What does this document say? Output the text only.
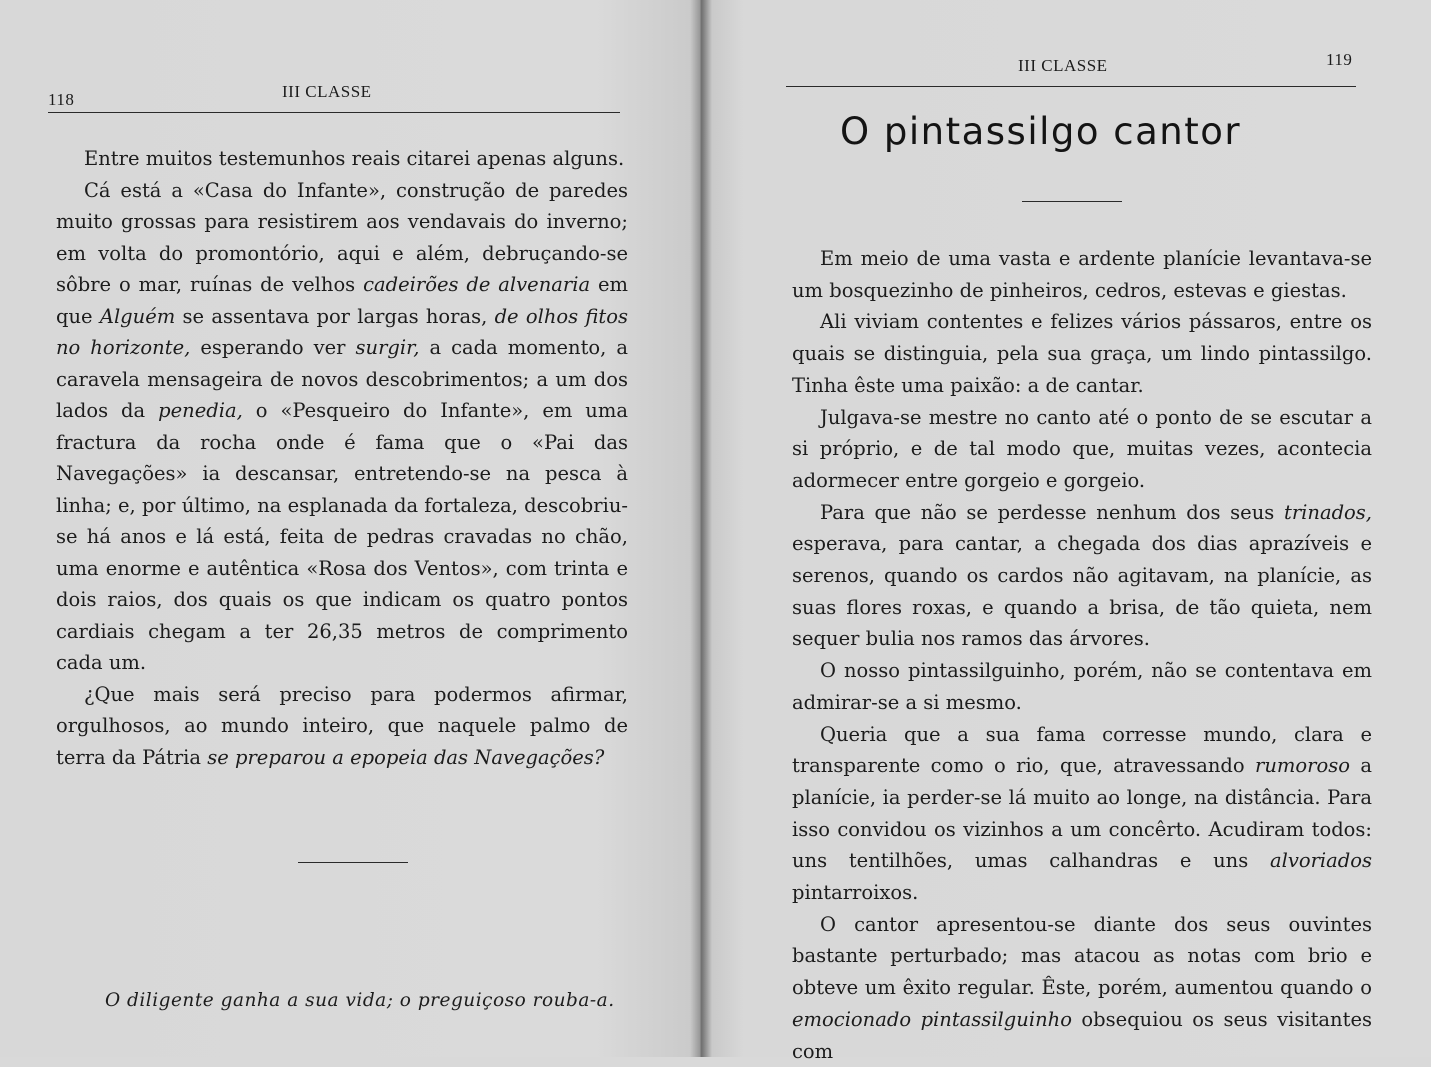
118	III CLASSE

Entre muitos testemunhos reais citarei apenas alguns.

Cá está a «Casa do Infante», construção de paredes muito grossas para resistirem aos vendavais do inverno; em volta do promontório, aqui e além, debruçando-se sôbre o mar, ruínas de velhos cadeirões de alvenaria em que Alguém se assentava por largas horas, de olhos fitos no horizonte, esperando ver surgir, a cada momento, a caravela mensageira de novos descobrimentos; a um dos lados da penedia, o «Pesqueiro do Infante», em uma fractura da rocha onde é fama que o «Pai das Navegações» ia descansar, entretendo-se na pesca à linha; e, por último, na esplanada da fortaleza, descobriu-se há anos e lá está, feita de pedras cravadas no chão, uma enorme e autêntica «Rosa dos Ventos», com trinta e dois raios, dos quais os que indicam os quatro pontos cardiais chegam a ter 26,35 metros de comprimento cada um.

¿Que mais será preciso para podermos afirmar, orgulhosos, ao mundo inteiro, que naquele palmo de terra da Pátria se preparou a epopeia das Navegações?

O diligente ganha a sua vida; o preguiçoso rouba-a.
III CLASSE	119
O pintassilgo cantor

Em meio de uma vasta e ardente planície levantava-se um bosquezinho de pinheiros, cedros, estevas e giestas.

Ali viviam contentes e felizes vários pássaros, entre os quais se distinguia, pela sua graça, um lindo pintassilgo. Tinha êste uma paixão: a de cantar.

Julgava-se mestre no canto até o ponto de se escutar a si próprio, e de tal modo que, muitas vezes, acontecia adormecer entre gorgeio e gorgeio.

Para que não se perdesse nenhum dos seus trinados, esperava, para cantar, a chegada dos dias aprazíveis e serenos, quando os cardos não agitavam, na planície, as suas flores roxas, e quando a brisa, de tão quieta, nem sequer bulia nos ramos das árvores.

O nosso pintassilguinho, porém, não se contentava em admirar-se a si mesmo.

Queria que a sua fama corresse mundo, clara e transparente como o rio, que, atravessando rumoroso a planície, ia perder-se lá muito ao longe, na distância. Para isso convidou os vizinhos a um concêrto. Acudiram todos: uns tentilhões, umas calhandras e uns alvoriados pintarroixos.

O cantor apresentou-se diante dos seus ouvintes bastante perturbado; mas atacou as notas com brio e obteve um êxito regular. Êste, porém, aumentou quando o emocionado pintassilguinho obsequiou os seus visitantes com
